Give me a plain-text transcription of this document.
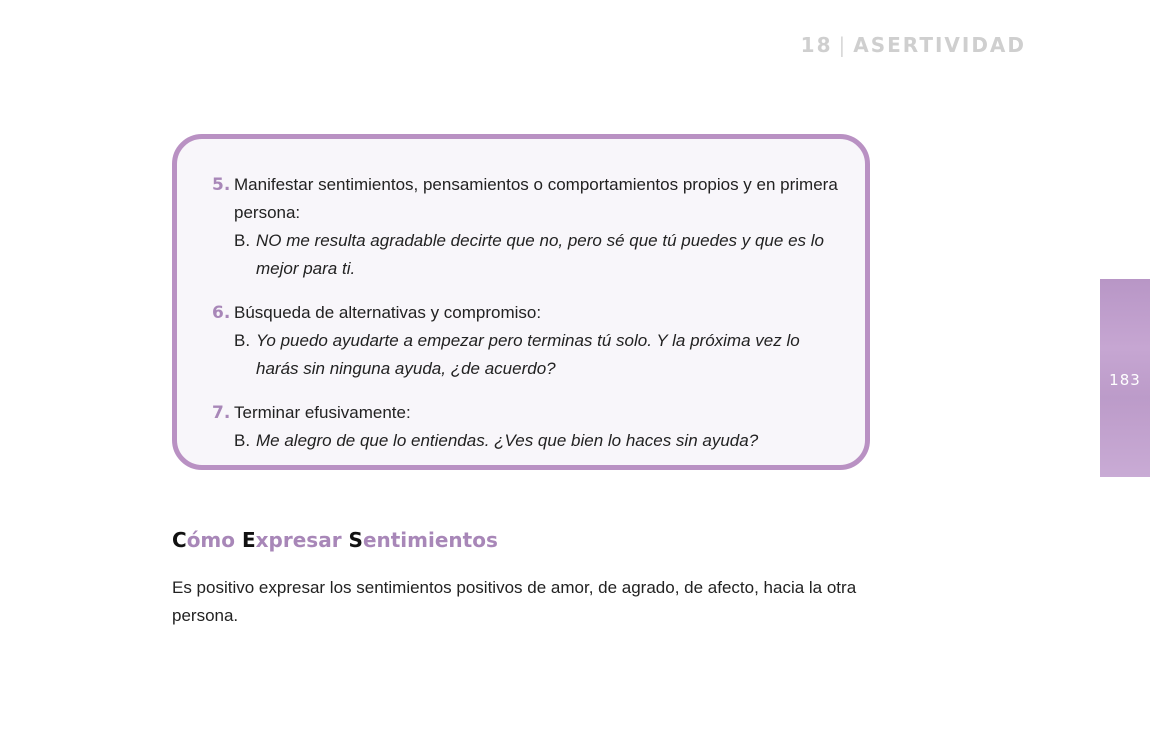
18 | ASERTIVIDAD
183
5. Manifestar sentimientos, pensamientos o comportamientos propios y en primera persona:
B. NO me resulta agradable decirte que no, pero sé que tú puedes y que es lo mejor para ti.
6. Búsqueda de alternativas y compromiso:
B. Yo puedo ayudarte a empezar pero terminas tú solo. Y la próxima vez lo harás sin ninguna ayuda, ¿de acuerdo?
7. Terminar efusivamente:
B. Me alegro de que lo entiendas. ¿Ves que bien lo haces sin ayuda?
Cómo Expresar Sentimientos
Es positivo expresar los sentimientos positivos de amor, de agrado, de afecto, hacia la otra persona.
